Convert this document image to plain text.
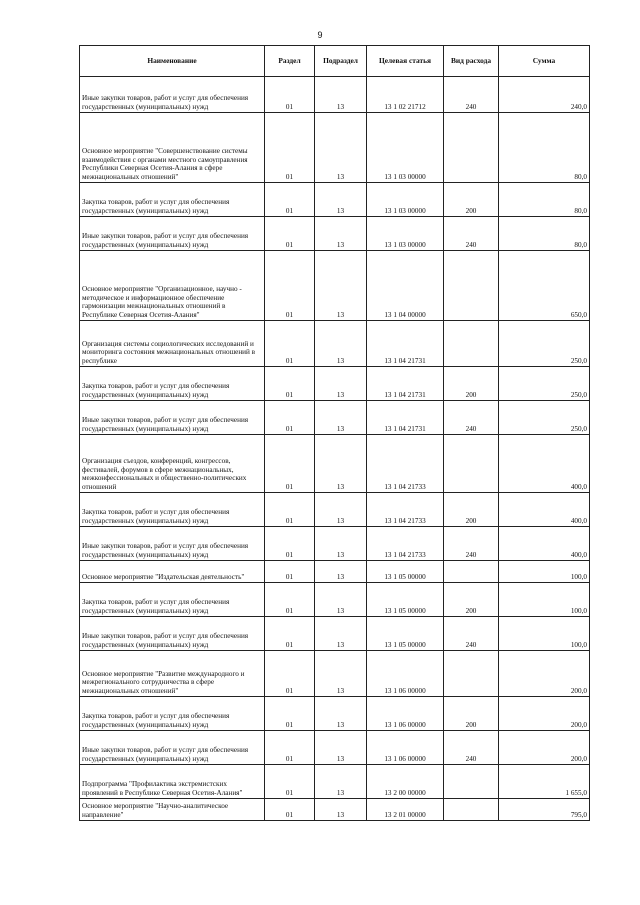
9
Наименование	Раздел	Подраздел	Целевая статья	Вид расхода	Сумма
Иные закупки товаров, работ и услуг для обеспечения государственных (муниципальных) нужд	01	13	13 1 02 21712	240	240,0
Основное мероприятие "Совершенствование системы взаимодействия с органами местного самоуправления Республики Северная Осетия-Алания в сфере межнациональных отношений"	01	13	13 1 03 00000		80,0
Закупка товаров, работ и услуг для обеспечения государственных (муниципальных) нужд	01	13	13 1 03 00000	200	80,0
Иные закупки товаров, работ и услуг для обеспечения государственных (муниципальных) нужд	01	13	13 1 03 00000	240	80,0
Основное мероприятие "Организационное, научно - методическое и информационное обеспечение гармонизации межнациональных отношений в Республике Северная Осетия-Алания"	01	13	13 1 04 00000		650,0
Организация системы социологических исследований и мониторинга состояния межнациональных отношений в республике	01	13	13 1 04 21731		250,0
Закупка товаров, работ и услуг для обеспечения государственных (муниципальных) нужд	01	13	13 1 04 21731	200	250,0
Иные закупки товаров, работ и услуг для обеспечения государственных (муниципальных) нужд	01	13	13 1 04 21731	240	250,0
Организация съездов, конференций, конгрессов, фестивалей, форумов в сфере межнациональных, межконфессиональных и общественно-политических отношений	01	13	13 1 04 21733		400,0
Закупка товаров, работ и услуг для обеспечения государственных (муниципальных) нужд	01	13	13 1 04 21733	200	400,0
Иные закупки товаров, работ и услуг для обеспечения государственных (муниципальных) нужд	01	13	13 1 04 21733	240	400,0
Основное мероприятие "Издательская деятельность"	01	13	13 1 05 00000		100,0
Закупка товаров, работ и услуг для обеспечения государственных (муниципальных) нужд	01	13	13 1 05 00000	200	100,0
Иные закупки товаров, работ и услуг для обеспечения государственных (муниципальных) нужд	01	13	13 1 05 00000	240	100,0
Основное мероприятие "Развитие международного и межрегионального сотрудничества в сфере межнациональных отношений"	01	13	13 1 06 00000		200,0
Закупка товаров, работ и услуг для обеспечения государственных (муниципальных) нужд	01	13	13 1 06 00000	200	200,0
Иные закупки товаров, работ и услуг для обеспечения государственных (муниципальных) нужд	01	13	13 1 06 00000	240	200,0
Подпрограмма "Профилактика экстремистских проявлений в Республике Северная Осетия-Алания"	01	13	13 2 00 00000		1 655,0
Основное мероприятие "Научно-аналитическое направление"	01	13	13 2 01 00000		795,0
